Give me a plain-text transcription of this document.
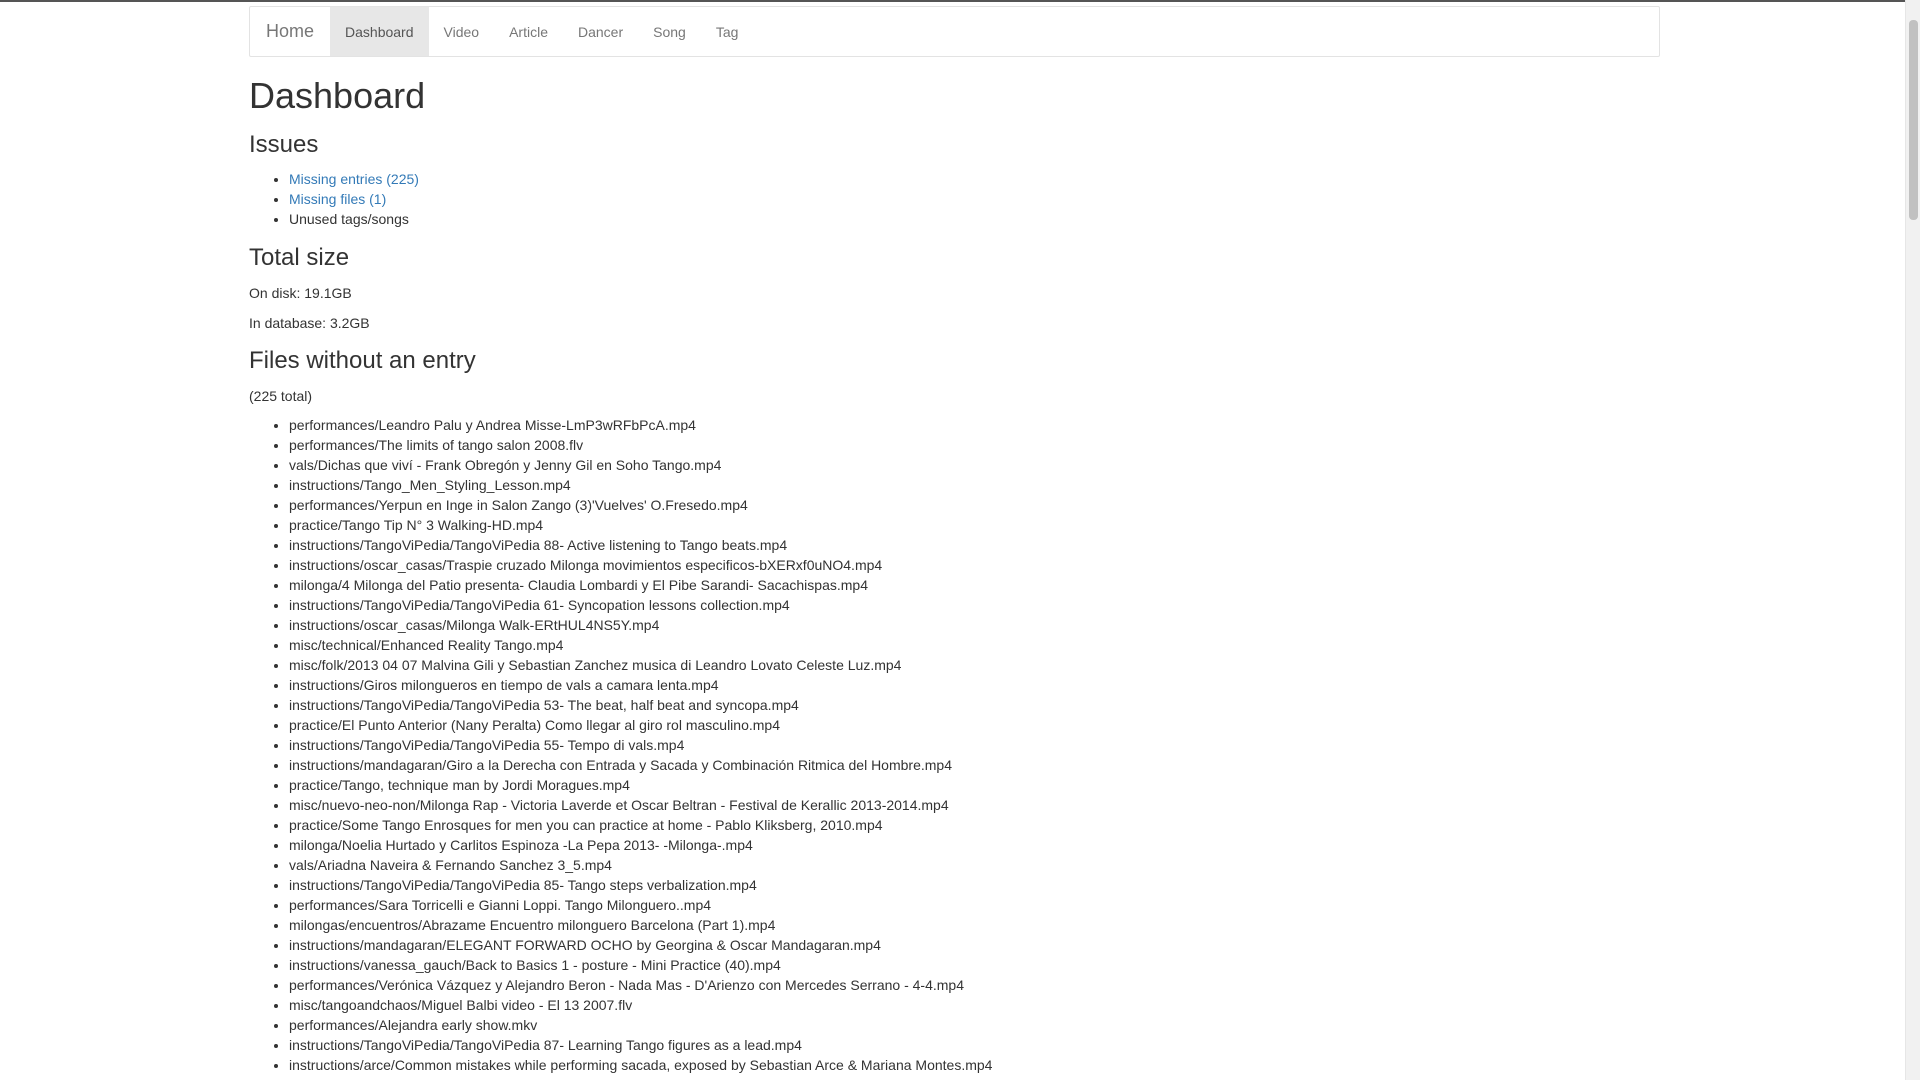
Home	Dashboard	Video	Article	Dancer	Song	Tag
Dashboard
Issues
• Missing entries (225)
• Missing files (1)
• Unused tags/songs
Total size

On disk: 19.1GB

In database: 3.2GB

Files without an entry

(225 total)

• performances/Leandro Palu y Andrea Misse-LmP3wRFbPcA.mp4
• performances/The limits of tango salon 2008.flv
• vals/Dichas que viví - Frank Obregón y Jenny Gil en Soho Tango.mp4
• instructions/Tango_Men_Styling_Lesson.mp4
• performances/Yerpun en Inge in Salon Zango (3)'Vuelves' O.Fresedo.mp4
• practice/Tango Tip N° 3 Walking-HD.mp4
• instructions/TangoViPedia/TangoViPedia 88- Active listening to Tango beats.mp4
• instructions/oscar_casas/Traspie cruzado Milonga movimientos especificos-bXERxf0uNO4.mp4
• milonga/4 Milonga del Patio presenta- Claudia Lombardi y El Pibe Sarandi- Sacachispas.mp4
• instructions/TangoViPedia/TangoViPedia 61- Syncopation lessons collection.mp4
• instructions/oscar_casas/Milonga Walk-ERtHUL4NS5Y.mp4
• misc/technical/Enhanced Reality Tango.mp4
• misc/folk/2013 04 07 Malvina Gili y Sebastian Zanchez musica di Leandro Lovato Celeste Luz.mp4
• instructions/Giros milongueros en tiempo de vals a camara lenta.mp4
• instructions/TangoViPedia/TangoViPedia 53- The beat, half beat and syncopa.mp4
• practice/El Punto Anterior (Nany Peralta) Como llegar al giro rol masculino.mp4
• instructions/TangoViPedia/TangoViPedia 55- Tempo di vals.mp4
• instructions/mandagaran/Giro a la Derecha con Entrada y Sacada y Combinación Ritmica del Hombre.mp4
• practice/Tango, technique man by Jordi Moragues.mp4
• misc/nuevo-neo-non/Milonga Rap - Victoria Laverde et Oscar Beltran - Festival de Kerallic 2013-2014.mp4
• practice/Some Tango Enrosques for men you can practice at home - Pablo Kliksberg, 2010.mp4
• milonga/Noelia Hurtado y Carlitos Espinoza -La Pepa 2013- -Milonga-.mp4
• vals/Ariadna Naveira & Fernando Sanchez 3_5.mp4
• instructions/TangoViPedia/TangoViPedia 85- Tango steps verbalization.mp4
• performances/Sara Torricelli e Gianni Loppi. Tango Milonguero..mp4
• milongas/encuentros/Abrazame Encuentro milonguero Barcelona (Part 1).mp4
• instructions/mandagaran/ELEGANT FORWARD OCHO by Georgina & Oscar Mandagaran.mp4
• instructions/vanessa_gauch/Back to Basics 1 - posture - Mini Practice (40).mp4
• performances/Verónica Vázquez y Alejandro Beron - Nada Mas - D'Arienzo con Mercedes Serrano - 4-4.mp4
• misc/tangoandchaos/Miguel Balbi video - El 13 2007.flv
• performances/Alejandra early show.mkv
• instructions/TangoViPedia/TangoViPedia 87- Learning Tango figures as a lead.mp4
• instructions/arce/Common mistakes while performing sacada, exposed by Sebastian Arce & Mariana Montes.mp4
